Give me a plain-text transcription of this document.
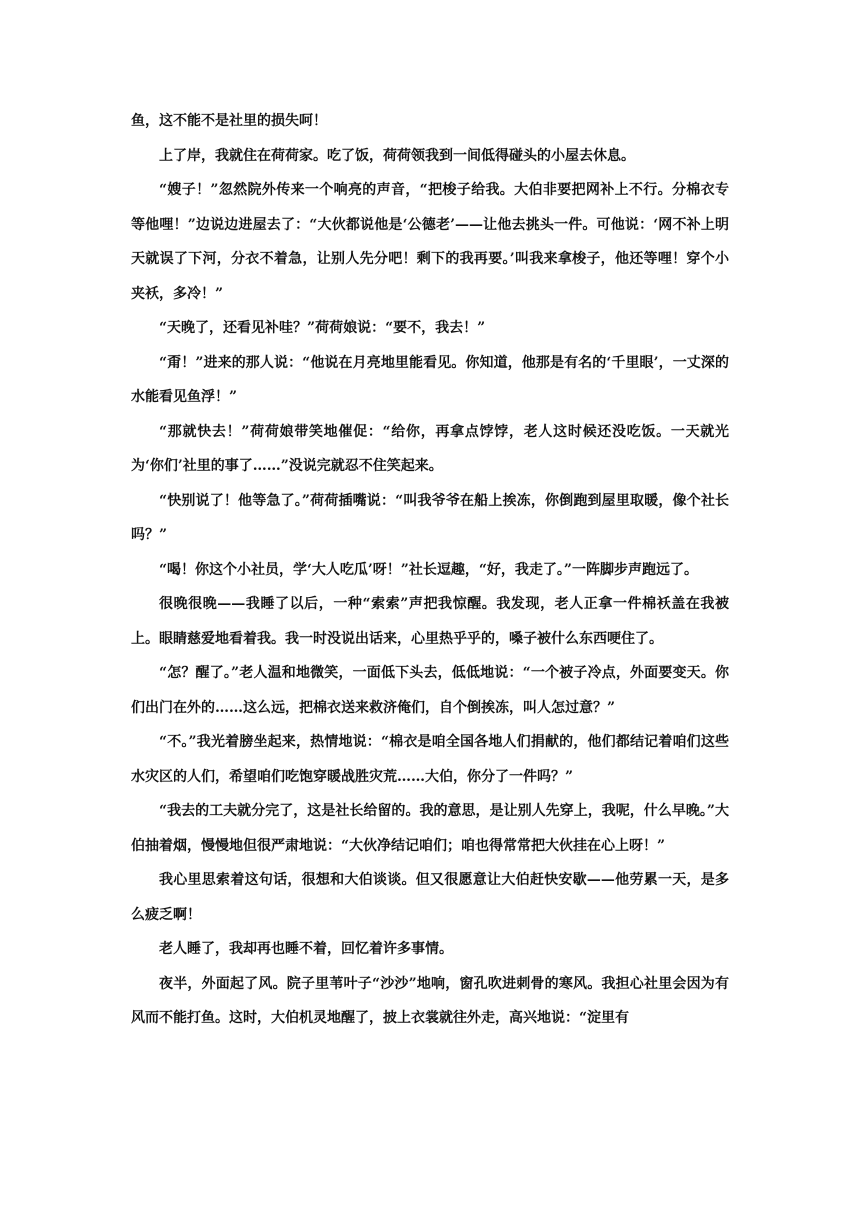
鱼，这不能不是社里的损失呵！

上了岸，我就住在荷荷家。吃了饭，荷荷领我到一间低得碰头的小屋去休息。

“嫂子！”忽然院外传来一个响亮的声音，“把梭子给我。大伯非要把网补上不行。分棉衣专等他哩！”边说边进屋去了：“大伙都说他是‘公德老’——让他去挑头一件。可他说：‘网不补上明天就误了下河，分衣不着急，让别人先分吧！剩下的我再要。’叫我来拿梭子，他还等哩！穿个小夹袄，多冷！”

“天晚了，还看见补哇？”荷荷娘说：“要不，我去！”

“甭！”进来的那人说：“他说在月亮地里能看见。你知道，他那是有名的‘千里眼’，一丈深的水能看见鱼浮！”

“那就快去！”荷荷娘带笑地催促：“给你，再拿点饽饽，老人这时候还没吃饭。一天就光为‘你们’社里的事了……”没说完就忍不住笑起来。

“快别说了！他等急了。”荷荷插嘴说：“叫我爷爷在船上挨冻，你倒跑到屋里取暖，像个社长吗？”

“喝！你这个小社员，学‘大人吃瓜’呀！”社长逗趣，“好，我走了。”一阵脚步声跑远了。

很晚很晚——我睡了以后，一种“索索”声把我惊醒。我发现，老人正拿一件棉袄盖在我被上。眼睛慈爱地看着我。我一时没说出话来，心里热乎乎的，嗓子被什么东西哽住了。

“怎？醒了。”老人温和地微笑，一面低下头去，低低地说：“一个被子冷点，外面要变天。你们出门在外的……这么远，把棉衣送来救济俺们，自个倒挨冻，叫人怎过意？”

“不。”我光着膀坐起来，热情地说：“棉衣是咱全国各地人们捐献的，他们都结记着咱们这些水灾区的人们，希望咱们吃饱穿暖战胜灾荒……大伯，你分了一件吗？”

“我去的工夫就分完了，这是社长给留的。我的意思，是让别人先穿上，我呢，什么早晚。”大伯抽着烟，慢慢地但很严肃地说：“大伙净结记咱们；咱也得常常把大伙挂在心上呀！”

我心里思索着这句话，很想和大伯谈谈。但又很愿意让大伯赶快安歇——他劳累一天，是多么疲乏啊！

老人睡了，我却再也睡不着，回忆着许多事情。

夜半，外面起了风。院子里苇叶子“沙沙”地响，窗孔吹进刺骨的寒风。我担心社里会因为有风而不能打鱼。这时，大伯机灵地醒了，披上衣裳就往外走，高兴地说：“淀里有
